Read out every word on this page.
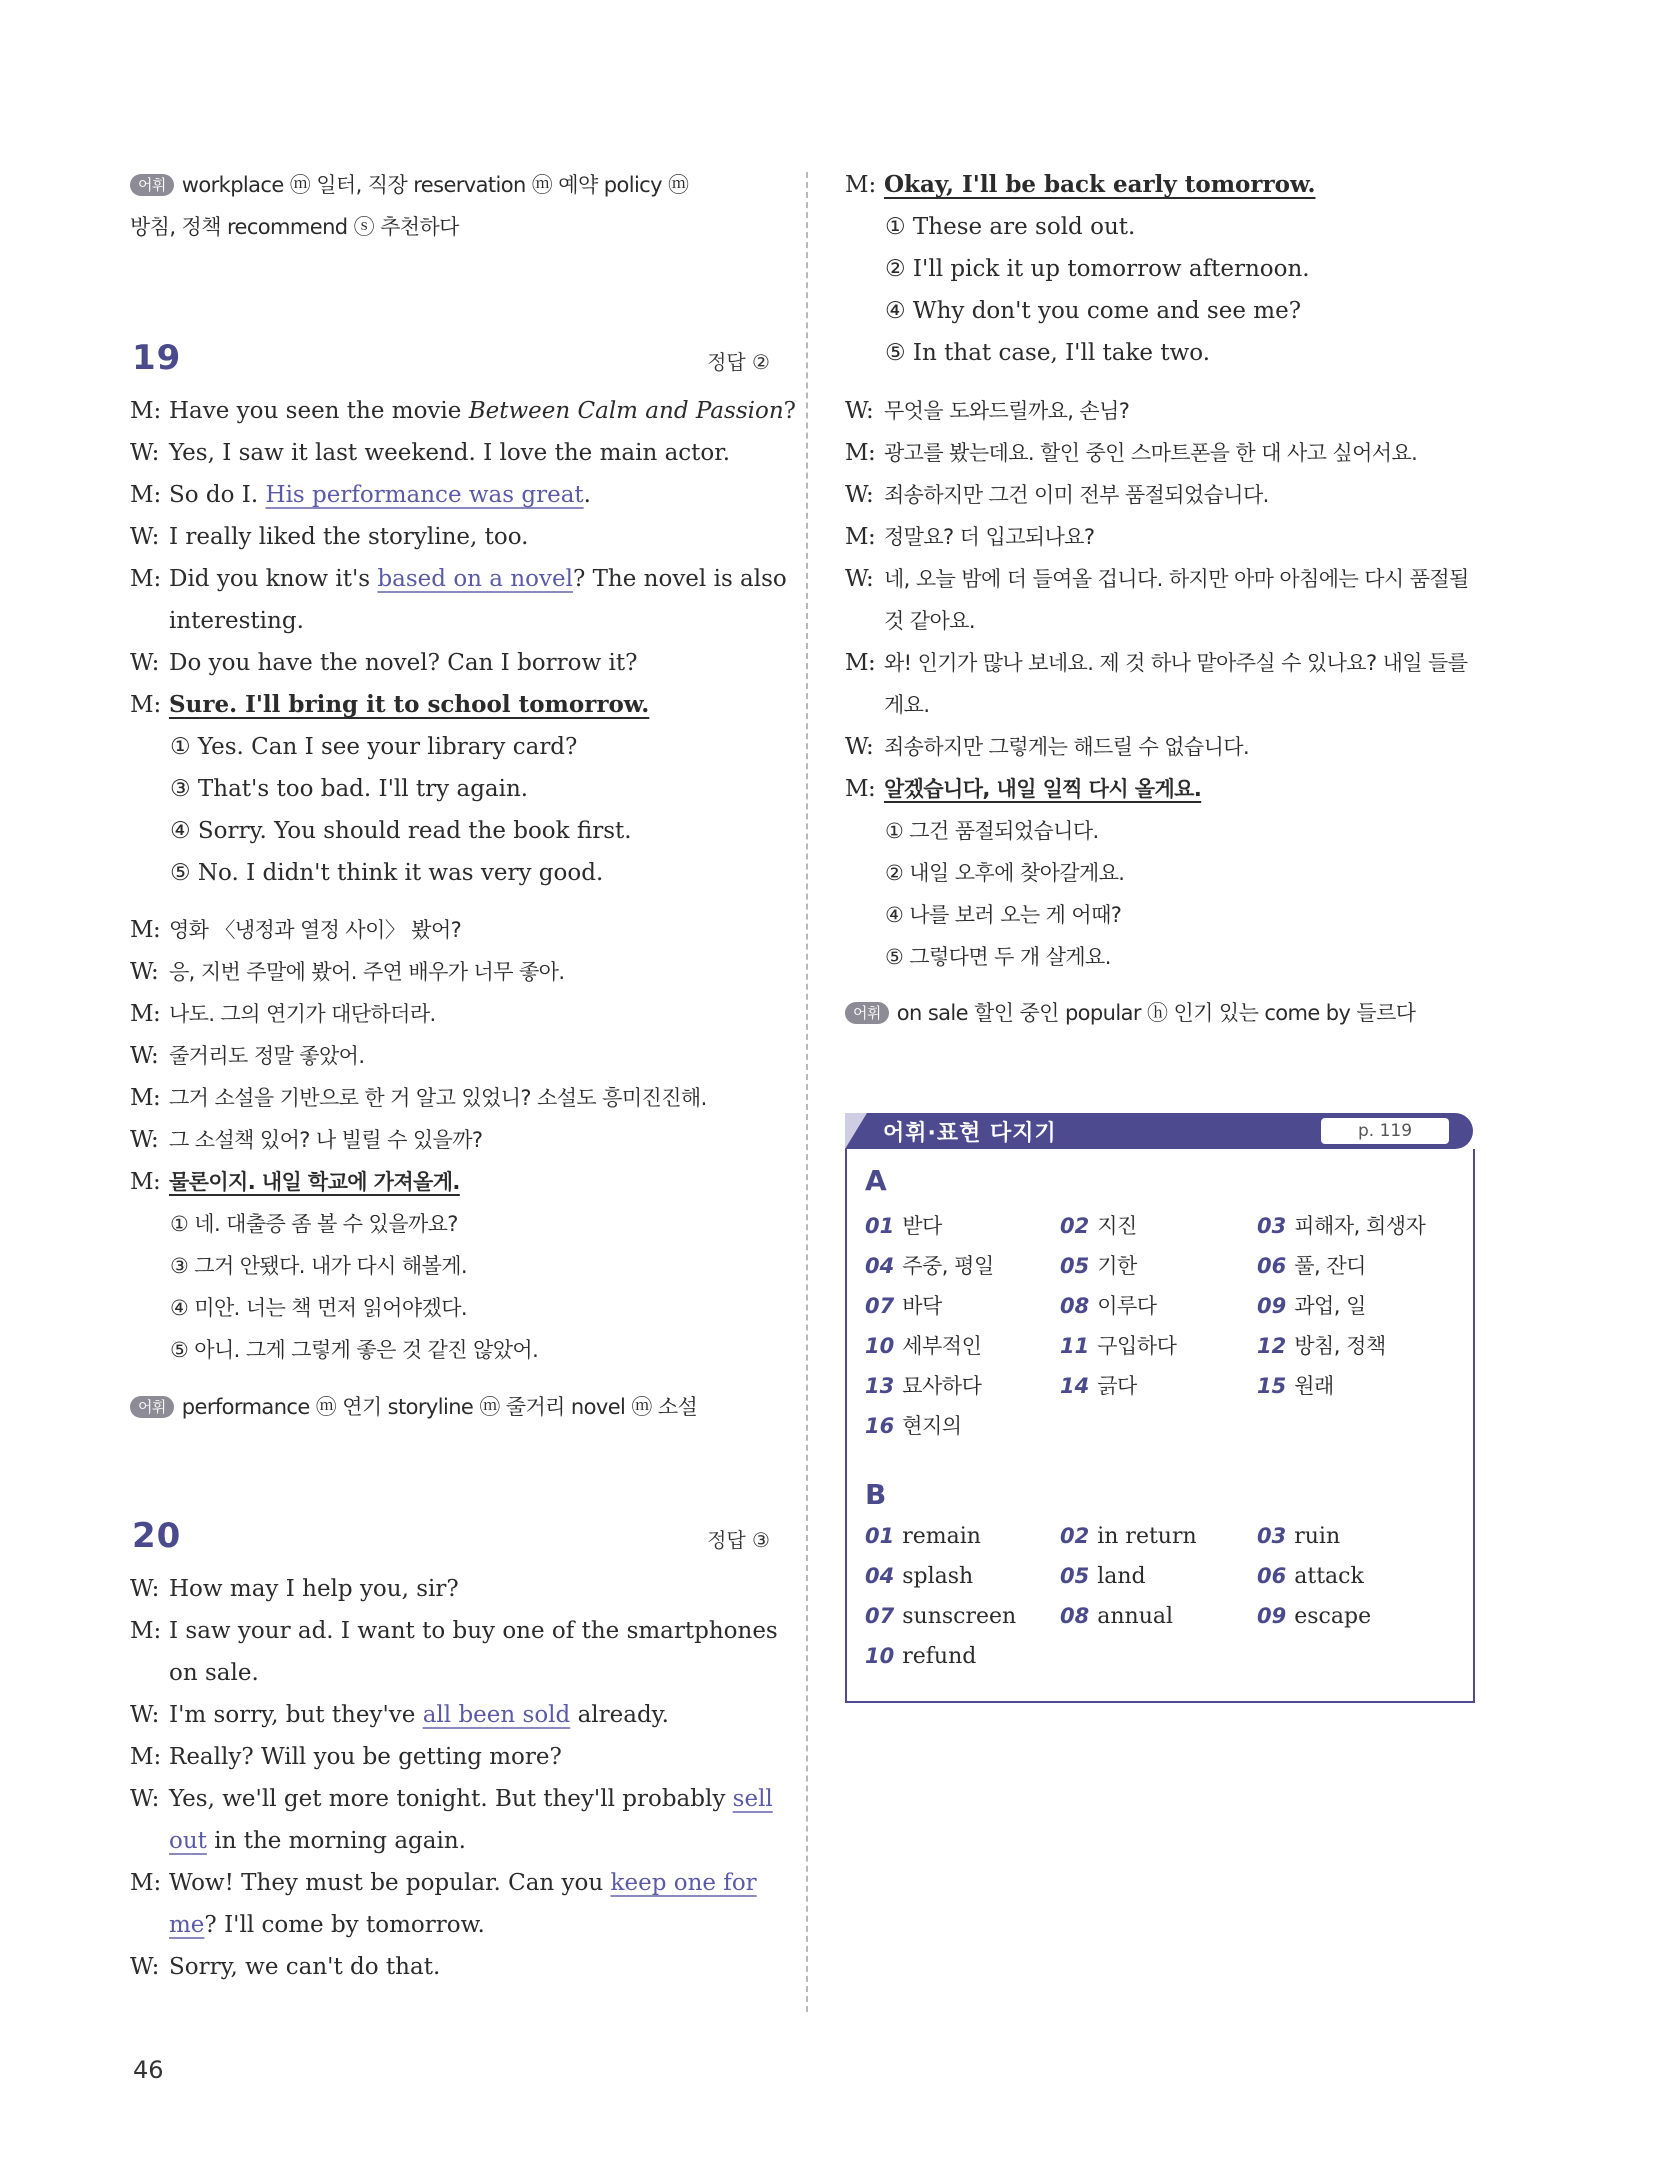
어휘 workplace ⓜ 일터, 직장 reservation ⓜ 예약 policy ⓜ
방침, 정책 recommend ⓢ 추천하다
19	정답 ②
M: Have you seen the movie Between Calm and Passion?
W: Yes, I saw it last weekend. I love the main actor.
M: So do I. His performance was great.
W: I really liked the storyline, too.
M: Did you know it's based on a novel? The novel is also
interesting.
W: Do you have the novel? Can I borrow it?
M: Sure. I'll bring it to school tomorrow.
① Yes. Can I see your library card?
③ That's too bad. I'll try again.
④ Sorry. You should read the book first.
⑤ No. I didn't think it was very good.
M: 영화 〈냉정과 열정 사이〉 봤어?
W: 응, 지번 주말에 봤어. 주연 배우가 너무 좋아.
M: 나도. 그의 연기가 대단하더라.
W: 줄거리도 정말 좋았어.
M: 그거 소설을 기반으로 한 거 알고 있었니? 소설도 흥미진진해.
W: 그 소설책 있어? 나 빌릴 수 있을까?
M: 물론이지. 내일 학교에 가져올게.
① 네. 대출증 좀 볼 수 있을까요?
③ 그거 안됐다. 내가 다시 해볼게.
④ 미안. 너는 책 먼저 읽어야겠다.
⑤ 아니. 그게 그렇게 좋은 것 같진 않았어.
어휘 performance ⓜ 연기 storyline ⓜ 줄거리 novel ⓜ 소설
20	정답 ③
W: How may I help you, sir?
M: I saw your ad. I want to buy one of the smartphones
on sale.
W: I'm sorry, but they've all been sold already.
M: Really? Will you be getting more?
W: Yes, we'll get more tonight. But they'll probably sell
out in the morning again.
M: Wow! They must be popular. Can you keep one for
me? I'll come by tomorrow.
W: Sorry, we can't do that.
M: Okay, I'll be back early tomorrow.
① These are sold out.
② I'll pick it up tomorrow afternoon.
④ Why don't you come and see me?
⑤ In that case, I'll take two.
W: 무엇을 도와드릴까요, 손님?
M: 광고를 봤는데요. 할인 중인 스마트폰을 한 대 사고 싶어서요.
W: 죄송하지만 그건 이미 전부 품절되었습니다.
M: 정말요? 더 입고되나요?
W: 네, 오늘 밤에 더 들여올 겁니다. 하지만 아마 아침에는 다시 품절될
것 같아요.
M: 와! 인기가 많나 보네요. 제 것 하나 맡아주실 수 있나요? 내일 들를
게요.
W: 죄송하지만 그렇게는 해드릴 수 없습니다.
M: 알겠습니다, 내일 일찍 다시 올게요.
① 그건 품절되었습니다.
② 내일 오후에 찾아갈게요.
④ 나를 보러 오는 게 어때?
⑤ 그렇다면 두 개 살게요.
어휘 on sale 할인 중인 popular ⓗ 인기 있는 come by 들르다
어휘·표현 다지기	p. 119
A
01 받다	02 지진	03 피해자, 희생자
04 주중, 평일	05 기한	06 풀, 잔디
07 바닥	08 이루다	09 과업, 일
10 세부적인	11 구입하다	12 방침, 정책
13 묘사하다	14 긁다	15 원래
16 현지의
B
01 remain	02 in return	03 ruin
04 splash	05 land	06 attack
07 sunscreen 08 annual	09 escape
10 refund
46
